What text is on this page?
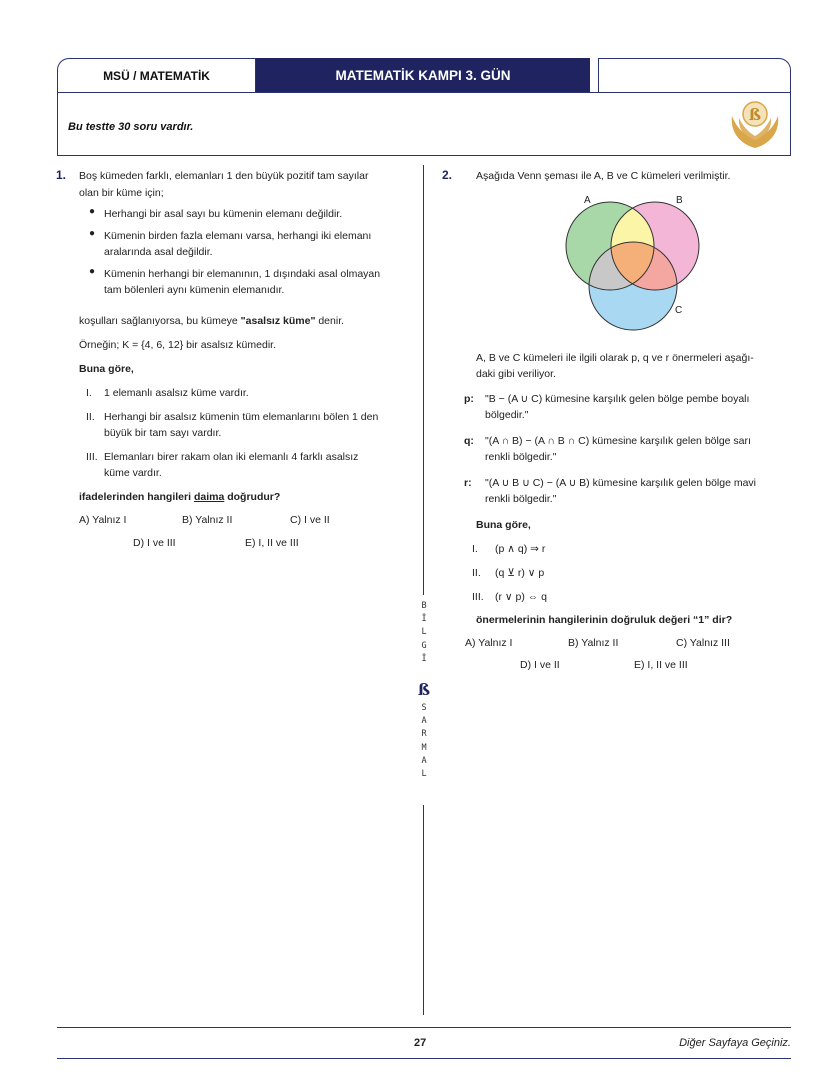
MSÜ / MATEMATİK	MATEMATİK KAMPI 3. GÜN
Bu testte 30 soru vardır.
ß
1. Boş kümeden farklı, elemanları 1 den büyük pozitif tam sayılar
olan bir küme için;
● Herhangi bir asal sayı bu kümenin elemanı değildir.
● Kümenin birden fazla elemanı varsa, herhangi iki elemanı
aralarında asal değildir.
● Kümenin herhangi bir elemanının, 1 dışındaki asal olmayan
tam bölenleri aynı kümenin elemanıdır.
koşulları sağlanıyorsa, bu kümeye "asalsız küme" denir.
Örneğin; K = {4, 6, 12} bir asalsız kümedir.
Buna göre,
I. 1 elemanlı asalsız küme vardır.
II. Herhangi bir asalsız kümenin tüm elemanlarını bölen 1 den
büyük bir tam sayı vardır.
III. Elemanları birer rakam olan iki elemanlı 4 farklı asalsız
küme vardır.
ifadelerinden hangileri daima doğrudur?
A) Yalnız I	B) Yalnız II	C) I ve II
D) I ve III	E) I, II ve III
B
İ
L
G
İ
ß
S
A
R
M
A
L
2. Aşağıda Venn şeması ile A, B ve C kümeleri verilmiştir.
A	B
C
A, B ve C kümeleri ile ilgili olarak p, q ve r önermeleri aşağı-
daki gibi veriliyor.
p: "B − (A ∪ C) kümesine karşılık gelen bölge pembe boyalı
bölgedir."
q: "(A ∩ B) − (A ∩ B ∩ C) kümesine karşılık gelen bölge sarı
renkli bölgedir."
r: "(A ∪ B ∪ C) − (A ∪ B) kümesine karşılık gelen bölge mavi
renkli bölgedir."
Buna göre,
I. (p ∧ q) ⇒ r
II. (q ⊻ r) ∨ p
III. (r ∨ p) ⇔ q
önermelerinin hangilerinin doğruluk değeri “1” dir?
A) Yalnız I	B) Yalnız II	C) Yalnız III
D) I ve II	E) I, II ve III
27	Diğer Sayfaya Geçiniz.
